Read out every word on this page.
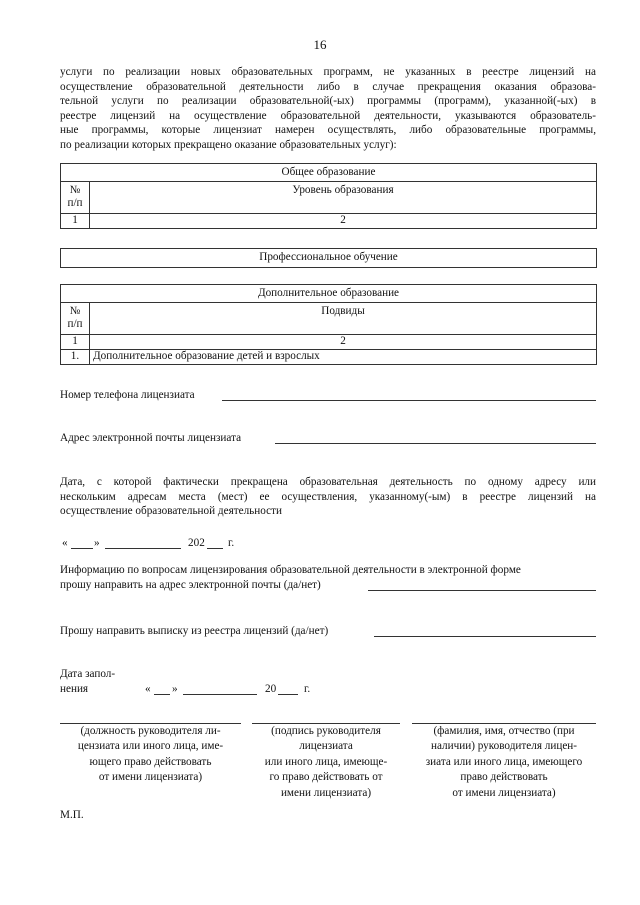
16
услуги по реализации новых образовательных программ, не указанных в реестре лицензий на
осуществление образовательной деятельности либо в случае прекращения оказания образова-
тельной услуги по реализации образовательной(-ых) программы (программ), указанной(-ых) в
реестре лицензий на осуществление образовательной деятельности, указываются образователь-
ные программы, которые лицензиат намерен осуществлять, либо образовательные программы,
по реализации которых прекращено оказание образовательных услуг):
Общее образование	
№ п/п	Уровень образования
1	2
Профессиональное обучение
Дополнительное образование	
№ п/п	Подвиды
1	2
1.	Дополнительное образование детей и взрослых
Номер телефона лицензиата
Адрес электронной почты лицензиата
Дата, с которой фактически прекращена образовательная деятельность по одному адресу или
нескольким адресам места (мест) ее осуществления, указанному(-ым) в реестре лицензий на
осуществление образовательной деятельности
« »	202 г.
Информацию по вопросам лицензирования образовательной деятельности в электронной форме
прошу направить на адрес электронной почты (да/нет)
Прошу направить выписку из реестра лицензий (да/нет)
Дата запол-
нения	« »	20 г.
(должность руководителя ли-
цензиата или иного лица, име-
ющего право действовать
от имени лицензиата)
(подпись руководителя
лицензиата
или иного лица, имеюще-
го право действовать от
имени лицензиата)
(фамилия, имя, отчество (при
наличии) руководителя лицен-
зиата или иного лица, имеющего
право действовать
от имени лицензиата)
М.П.
